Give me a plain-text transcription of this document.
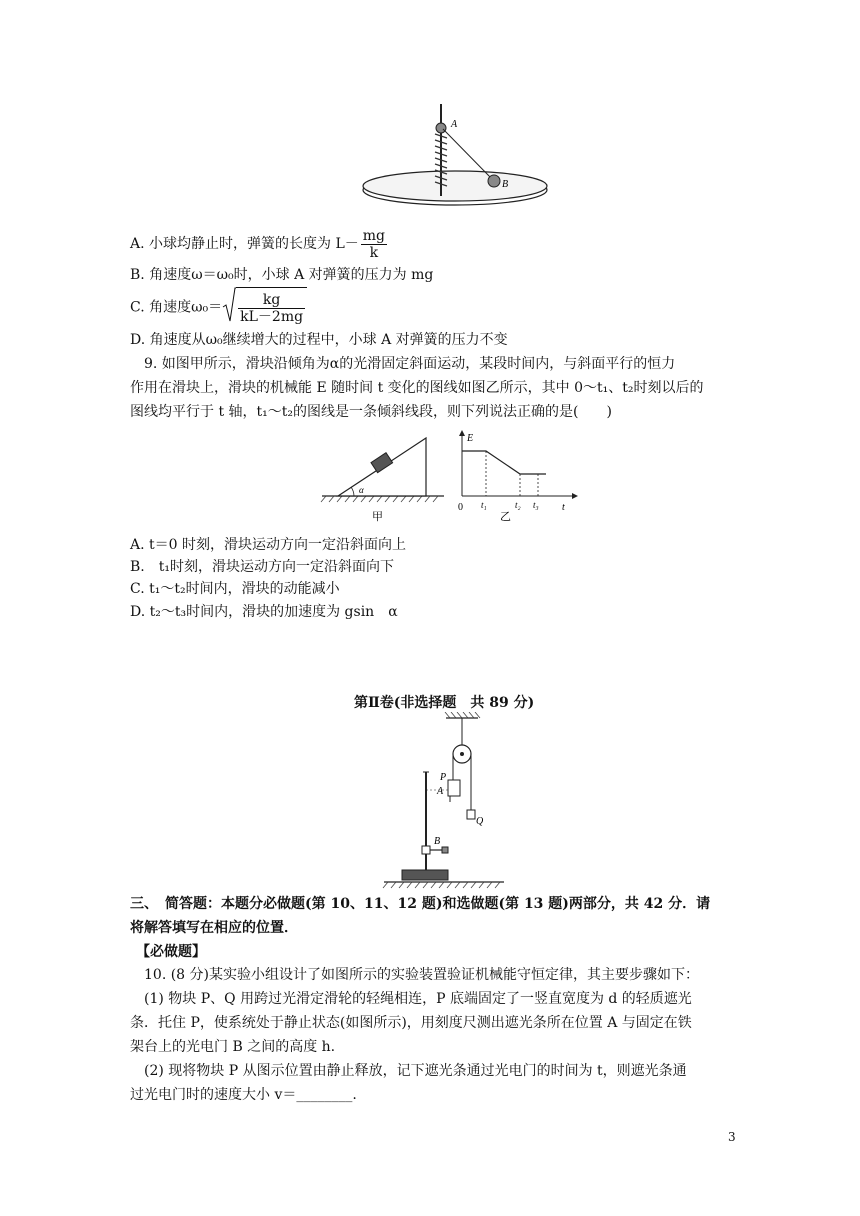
A
B
A. 小球均静止时，弹簧的长度为 $L- \frac{mg}{k}$
B. 角速度ω＝ω₀时，小球 A 对弹簧的压力为 mg
C. 角速度$\omega_0= \frac{kg}{kL-2mg}$
D. 角速度从ω₀继续增大的过程中，小球 A 对弹簧的压力不变
9. 如图甲所示，滑块沿倾角为α的光滑固定斜面运动，某段时间内，与斜面平行的恒力
作用在滑块上，滑块的机械能 E 随时间 t 变化的图线如图乙所示，其中 0～t₁、t₂时刻以后的
图线均平行于 t 轴，t₁～t₂的图线是一条倾斜线段，则下列说法正确的是(　　)
α
甲
E
t
0 t₁	t₂ t₃
乙
A. t＝0 时刻，滑块运动方向一定沿斜面向上
B.　t₁时刻，滑块运动方向一定沿斜面向下
C. t₁～t₂时间内，滑块的动能减小
D. t₂～t₃时间内，滑块的加速度为 gsin　α
第Ⅱ卷(非选择题　共 89 分)
P
A
Q
B
三、　简答题：本题分必做题(第 10、11、12 题)和选做题(第 13 题)两部分，共 42 分．请
将解答填写在相应的位置．
【必做题】
10. (8 分)某实验小组设计了如图所示的实验装置验证机械能守恒定律，其主要步骤如下：
(1) 物块 P、Q 用跨过光滑定滑轮的轻绳相连，P 底端固定了一竖直宽度为 d 的轻质遮光
条．托住 P，使系统处于静止状态(如图所示)，用刻度尺测出遮光条所在位置 A 与固定在铁
架台上的光电门 B 之间的高度 h.
(2) 现将物块 P 从图示位置由静止释放，记下遮光条通过光电门的时间为 t，则遮光条通
过光电门时的速度大小 v＝________.
3
